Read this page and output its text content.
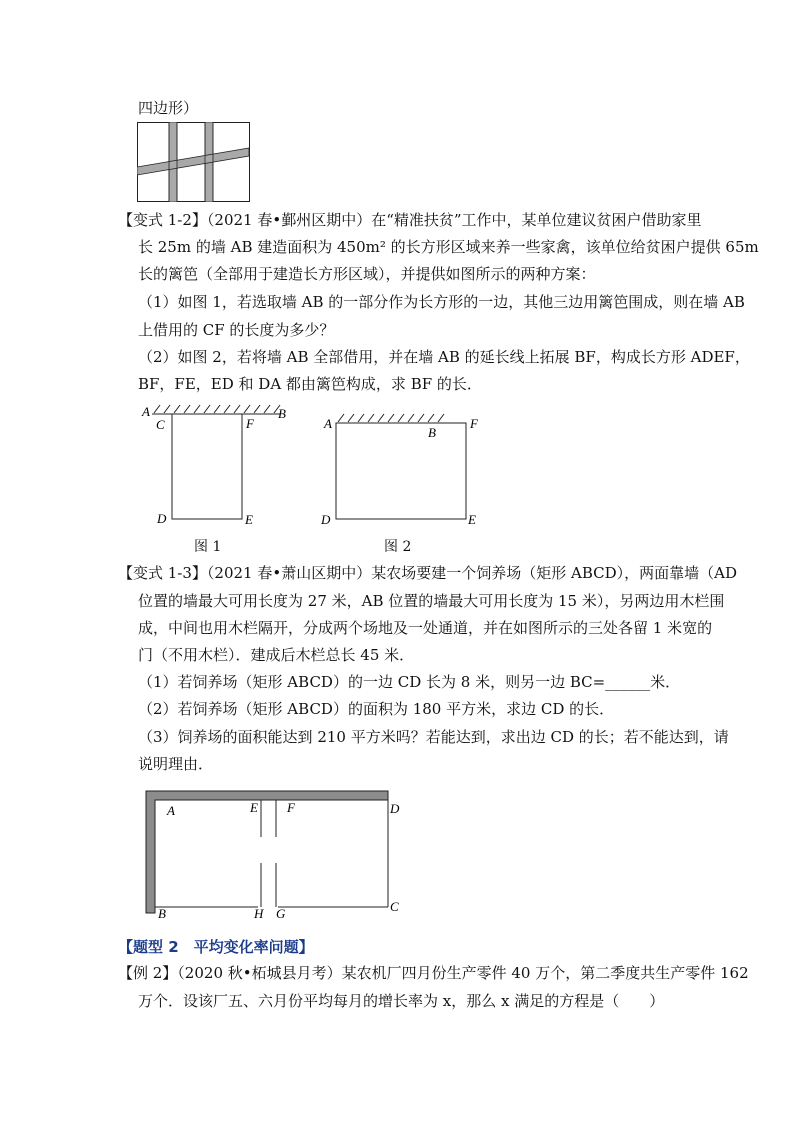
四边形）
【变式 1-2】（2021 春•鄞州区期中）在“精准扶贫”工作中，某单位建议贫困户借助家里
长 25m 的墙 AB 建造面积为 450m² 的长方形区域来养一些家禽，该单位给贫困户提供 65m
长的篱笆（全部用于建造长方形区域），并提供如图所示的两种方案：
（1）如图 1，若选取墙 AB 的一部分作为长方形的一边，其他三边用篱笆围成，则在墙 AB
上借用的 CF 的长度为多少？
（2）如图 2，若将墙 AB 全部借用，并在墙 AB 的延长线上拓展 BF，构成长方形 ADEF，
BF，FE，ED 和 DA 都由篱笆构成，求 BF 的长．
A	B
C	F
D	E
图 1
A
B
F
D	E
图 2
【变式 1-3】（2021 春•萧山区期中）某农场要建一个饲养场（矩形 ABCD），两面靠墙（AD
位置的墙最大可用长度为 27 米，AB 位置的墙最大可用长度为 15 米），另两边用木栏围
成，中间也用木栏隔开，分成两个场地及一处通道，并在如图所示的三处各留 1 米宽的
门（不用木栏）．建成后木栏总长 45 米．
（1）若饲养场（矩形 ABCD）的一边 CD 长为 8 米，则另一边 BC=______米．
（2）若饲养场（矩形 ABCD）的面积为 180 平方米，求边 CD 的长．
（3）饲养场的面积能达到 210 平方米吗？若能达到，求出边 CD 的长；若不能达到，请
说明理由．
A	E F	D
B	H G	C
【题型 2　平均变化率问题】
【例 2】（2020 秋•柘城县月考）某农机厂四月份生产零件 40 万个，第二季度共生产零件 162
万个．设该厂五、六月份平均每月的增长率为 x，那么 x 满足的方程是（　　）
